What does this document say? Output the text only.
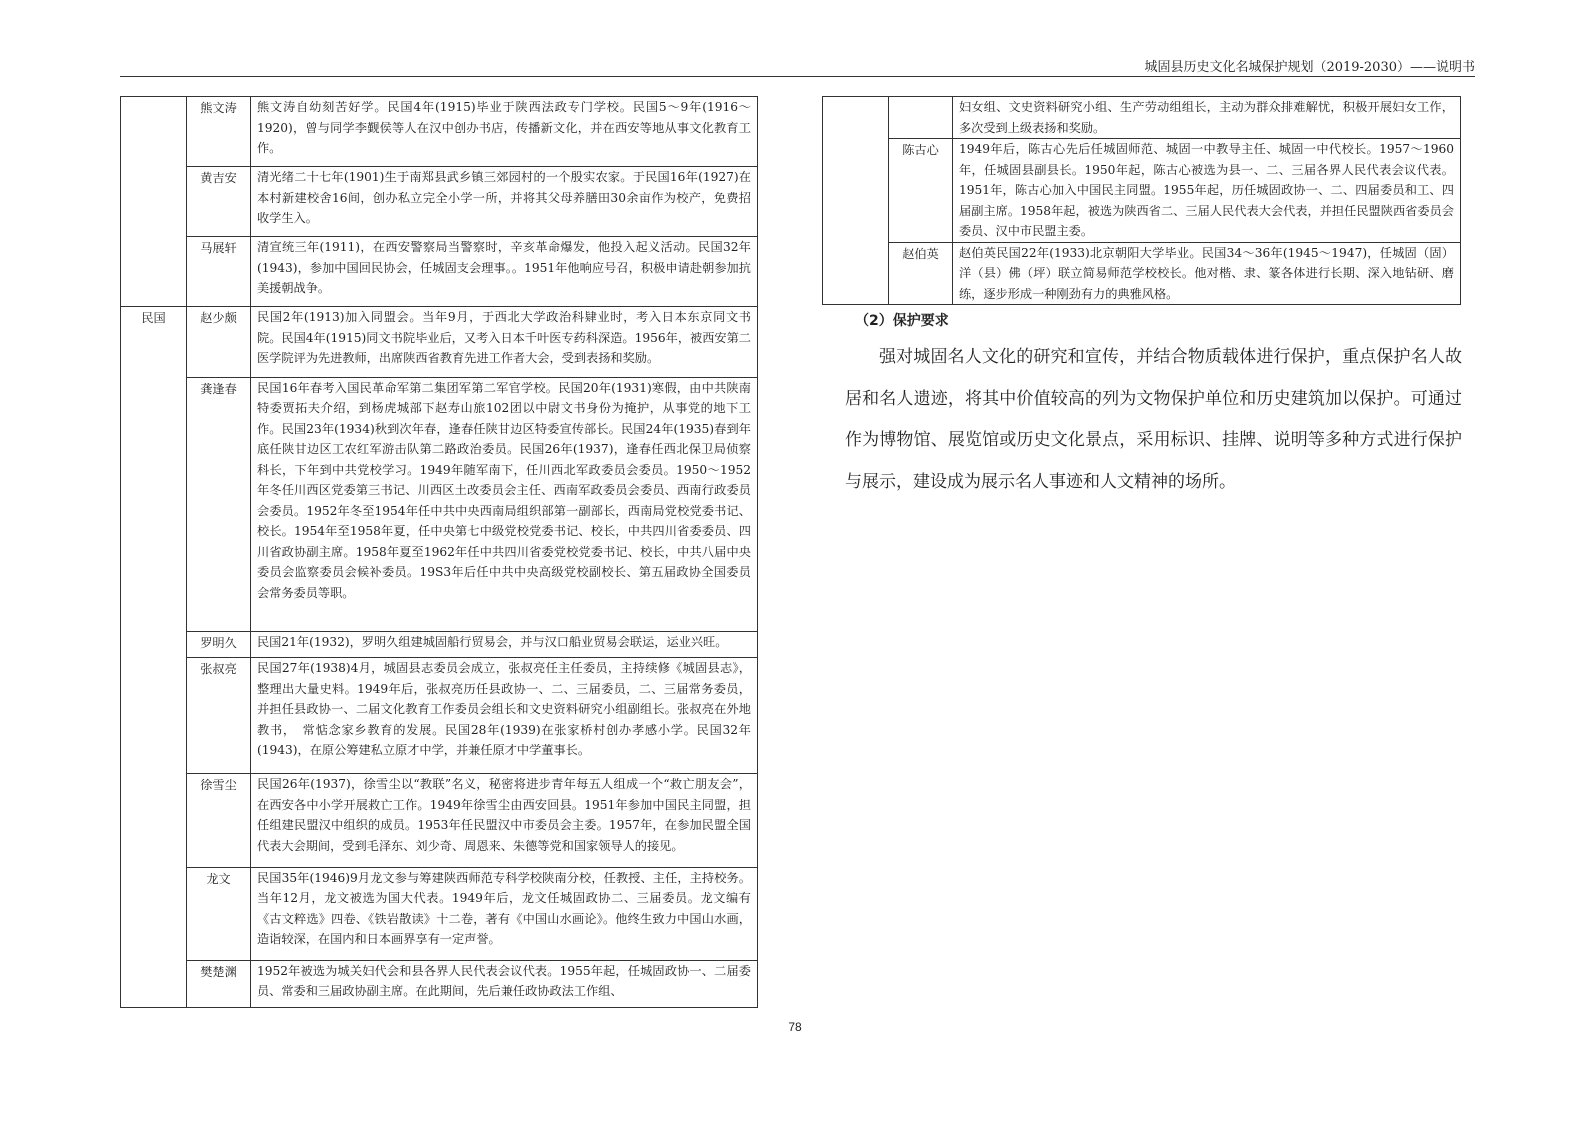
城固县历史文化名城保护规划（2019-2030）——说明书
	熊文涛	熊文涛自幼刻苦好学。民国4年(1915)毕业于陕西法政专门学校。民国5～9年(1916～1920)，曾与同学李觐侯等人在汉中创办书店，传播新文化，并在西安等地从事文化教育工作。
	黄吉安	清光绪二十七年(1901)生于南郑县武乡镇三郊园村的一个殷实农家。于民国16年(1927)在本村新建校舍16间，创办私立完全小学一所，并将其父母养膳田30余亩作为校产，免费招收学生入。
	马展轩	清宣统三年(1911)，在西安警察局当警察时，辛亥革命爆发，他投入起义活动。民国32年(1943)，参加中国回民协会，任城固支会理事。。1951年他响应号召，积极申请赴朝参加抗美援朝战争。
民国	赵少颇	民国2年(1913)加入同盟会。当年9月，于西北大学政治科肄业时，考入日本东京同文书院。民国4年(1915)同文书院毕业后，又考入日本千叶医专药科深造。1956年，被西安第二医学院评为先进教师，出席陕西省教育先进工作者大会，受到表扬和奖励。
	龚逢春	民国16年春考入国民革命军第二集团军第二军官学校。民国20年(1931)寒假，由中共陕南特委贾拓夫介绍，到杨虎城部下赵寿山旅102团以中尉文书身份为掩护，从事党的地下工作。民国23年(1934)秋到次年春，逢春任陕甘边区特委宣传部长。民国24年(1935)春到年底任陕甘边区工农红军游击队第二路政治委员。民国26年(1937)，逢春任西北保卫局侦察科长，下年到中共党校学习。1949年随军南下，任川西北军政委员会委员。1950～1952年冬任川西区党委第三书记、川西区土改委员会主任、西南军政委员会委员、西南行政委员会委员。1952年冬至1954年任中共中央西南局组织部第一副部长，西南局党校党委书记、校长。1954年至1958年夏，任中央第七中级党校党委书记、校长，中共四川省委委员、四川省政协副主席。1958年夏至1962年任中共四川省委党校党委书记、校长，中共八届中央委员会监察委员会候补委员。19S3年后任中共中央高级党校副校长、第五届政协全国委员会常务委员等职。
	罗明久	民国21年(1932)，罗明久组建城固船行贸易会，并与汉口船业贸易会联运，运业兴旺。
	张叔亮	民国27年(1938)4月，城固县志委员会成立，张叔亮任主任委员，主持续修《城固县志》，整理出大量史料。1949年后，张叔亮历任县政协一、二、三届委员，二、三届常务委员，并担任县政协一、二届文化教育工作委员会组长和文史资料研究小组副组长。张叔亮在外地教书，　常惦念家乡教育的发展。民国28年(1939)在张家桥村创办孝感小学。民国32年(1943)，在原公筹建私立原才中学，并兼任原才中学董事长。
	徐雪尘	民国26年(1937)，徐雪尘以“教联”名义，秘密将进步青年每五人组成一个“救亡朋友会”，在西安各中小学开展救亡工作。1949年徐雪尘由西安回县。1951年参加中国民主同盟，担任组建民盟汉中组织的成员。1953年任民盟汉中市委员会主委。1957年，在参加民盟全国代表大会期间，受到毛泽东、刘少奇、周恩来、朱德等党和国家领导人的接见。
	龙文	民国35年(1946)9月龙文参与筹建陕西师范专科学校陕南分校，任教授、主任，主持校务。当年12月，龙文被选为国大代表。1949年后，龙文任城固政协二、三届委员。龙文编有《古文粹选》四卷、《铁岩散读》十二卷，著有《中国山水画论》。他终生致力中国山水画，造诣较深，在国内和日本画界享有一定声誉。
	樊楚渊	1952年被选为城关妇代会和县各界人民代表会议代表。1955年起，任城固政协一、二届委员、常委和三届政协副主席。在此期间，先后兼任政协政法工作组、
		妇女组、文史资料研究小组、生产劳动组组长，主动为群众排难解忧，积极开展妇女工作，多次受到上级表扬和奖励。
	陈古心	1949年后，陈古心先后任城固师范、城固一中教导主任、城固一中代校长。1957～1960年，任城固县副县长。1950年起，陈古心被选为县一、二、三届各界人民代表会议代表。1951年，陈古心加入中国民主同盟。1955年起，历任城固政协一、二、四届委员和工、四届副主席。1958年起，被选为陕西省二、三届人民代表大会代表，并担任民盟陕西省委员会委员、汉中市民盟主委。
	赵伯英	赵伯英民国22年(1933)北京朝阳大学毕业。民国34～36年(1945～1947)，任城固（固）洋（县）佛（坪）联立简易师范学校校长。他对楷、隶、篆各体进行长期、深入地钻研、磨练，逐步形成一种刚劲有力的典雅风格。
（2）保护要求

强对城固名人文化的研究和宣传，并结合物质载体进行保护，重点保护名人故居和名人遗迹，将其中价值较高的列为文物保护单位和历史建筑加以保护。可通过作为博物馆、展览馆或历史文化景点，采用标识、挂牌、说明等多种方式进行保护与展示，建设成为展示名人事迹和人文精神的场所。

78
